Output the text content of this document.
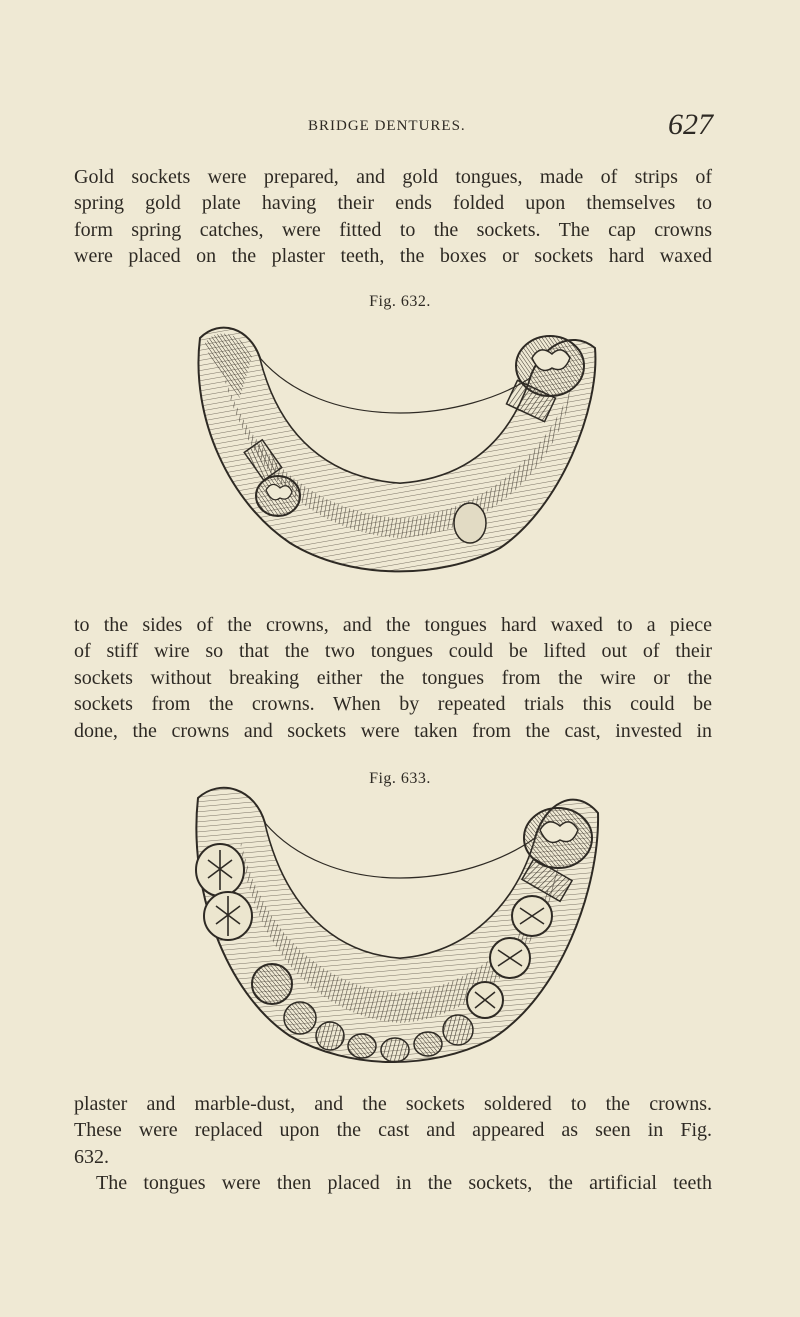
BRIDGE DENTURES.	627

Gold sockets were prepared, and gold tongues, made of strips of
spring gold plate having their ends folded upon themselves to
form spring catches, were fitted to the sockets. The cap crowns
were placed on the plaster teeth, the boxes or sockets hard waxed

Fig. 632.

to the sides of the crowns, and the tongues hard waxed to a piece
of stiff wire so that the two tongues could be lifted out of their
sockets without breaking either the tongues from the wire or the
sockets from the crowns. When by repeated trials this could be
done, the crowns and sockets were taken from the cast, invested in

Fig. 633.

plaster and marble-dust, and the sockets soldered to the crowns.
These were replaced upon the cast and appeared as seen in Fig.
632.

The tongues were then placed in the sockets, the artificial teeth
